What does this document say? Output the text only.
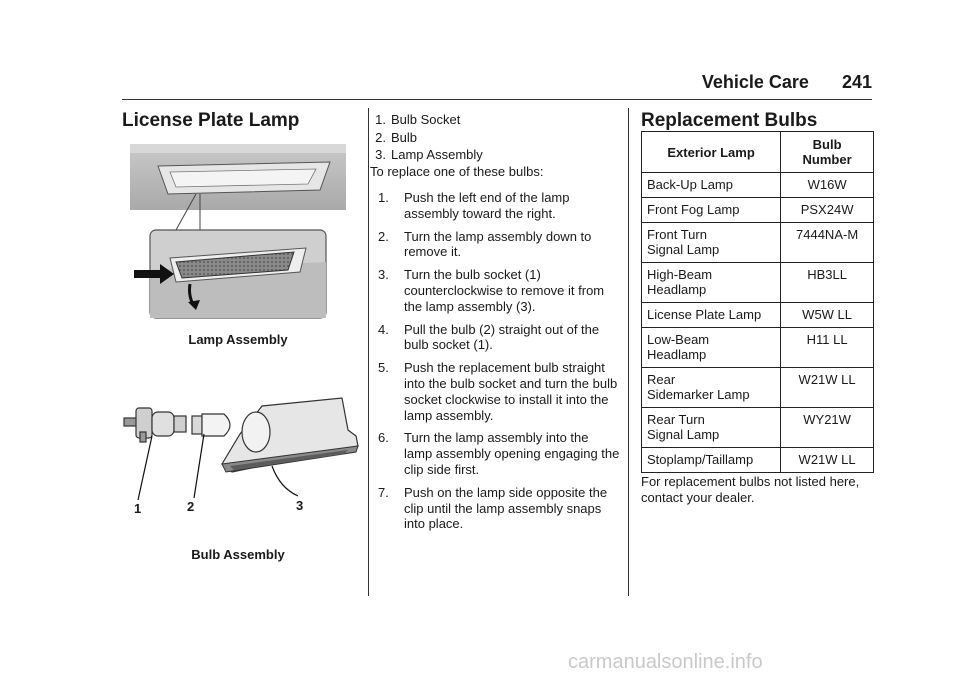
Vehicle Care 241
License Plate Lamp
Lamp Assembly
1	2	3
Bulb Assembly
1. Bulb Socket
2. Bulb
3. Lamp Assembly
To replace one of these bulbs:
1. Push the left end of the lamp assembly toward the right.
2. Turn the lamp assembly down to remove it.
3. Turn the bulb socket (1) counterclockwise to remove it from the lamp assembly (3).
4. Pull the bulb (2) straight out of the bulb socket (1).
5. Push the replacement bulb straight into the bulb socket and turn the bulb socket clockwise to install it into the lamp assembly.
6. Turn the lamp assembly into the lamp assembly opening engaging the clip side first.
7. Push on the lamp side opposite the clip until the lamp assembly snaps into place.
Replacement Bulbs
Exterior Lamp	Bulb
Number
Back-Up Lamp	W16W
Front Fog Lamp	PSX24W
Front Turn
Signal Lamp	7444NA-M
High-Beam
Headlamp	HB3LL
License Plate Lamp	W5W LL
Low-Beam
Headlamp	H11 LL
Rear
Sidemarker Lamp	W21W LL
Rear Turn
Signal Lamp	WY21W
Stoplamp/Taillamp	W21W LL
For replacement bulbs not listed here, contact your dealer.
carmanualsonline.info
